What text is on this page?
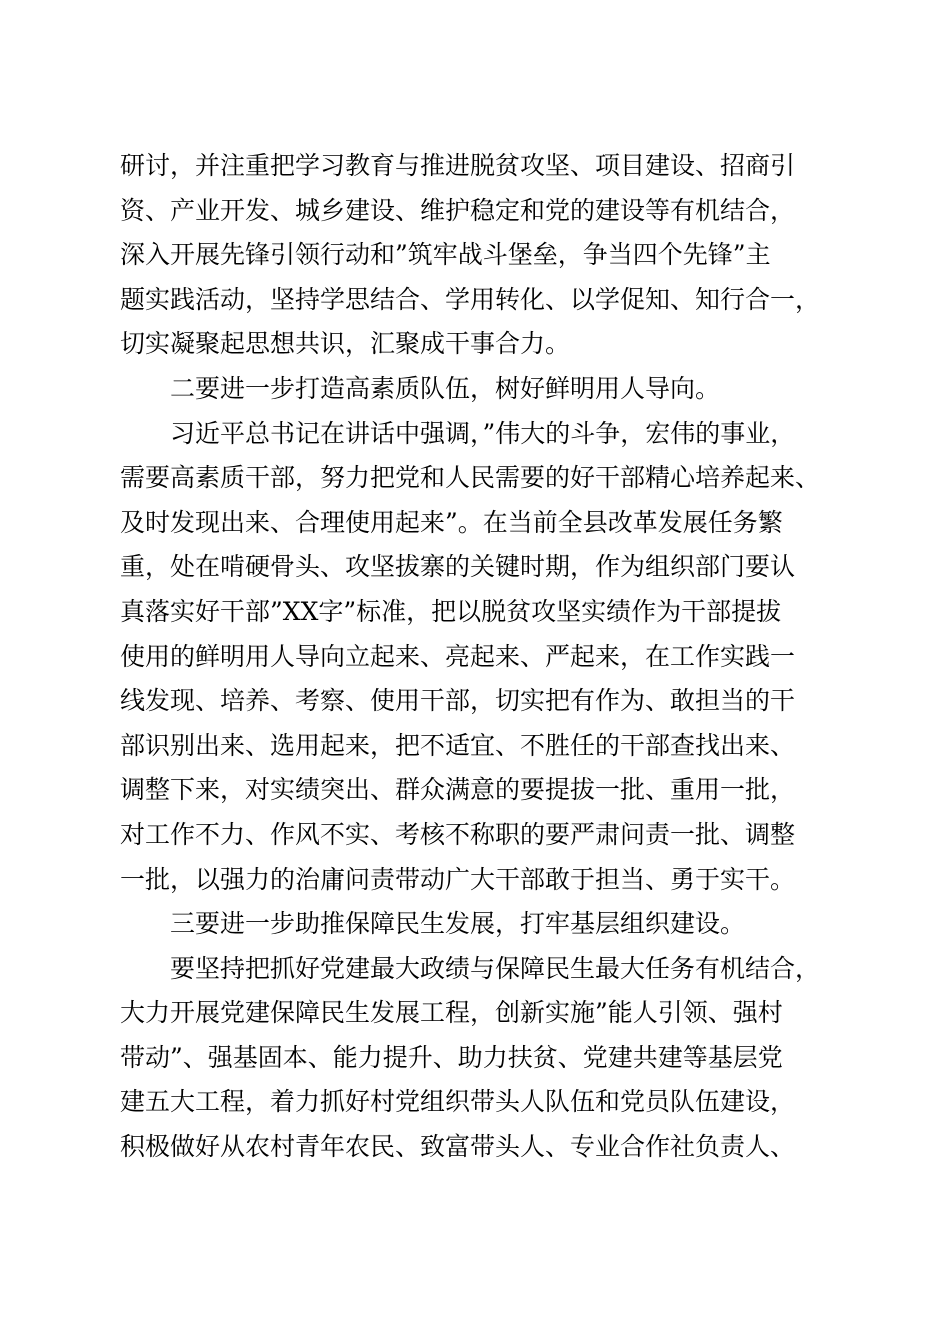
研讨，并注重把学习教育与推进脱贫攻坚、项目建设、招商引
资、产业开发、城乡建设、维护稳定和党的建设等有机结合，
深入开展先锋引领行动和”筑牢战斗堡垒，争当四个先锋”主
题实践活动，坚持学思结合、学用转化、以学促知、知行合一，
切实凝聚起思想共识，汇聚成干事合力。
　　二要进一步打造高素质队伍，树好鲜明用人导向。
　　习近平总书记在讲话中强调，”伟大的斗争，宏伟的事业，
需要高素质干部，努力把党和人民需要的好干部精心培养起来、
及时发现出来、合理使用起来”。在当前全县改革发展任务繁
重，处在啃硬骨头、攻坚拔寨的关键时期，作为组织部门要认
真落实好干部”XX字”标准，把以脱贫攻坚实绩作为干部提拔
使用的鲜明用人导向立起来、亮起来、严起来，在工作实践一
线发现、培养、考察、使用干部，切实把有作为、敢担当的干
部识别出来、选用起来，把不适宜、不胜任的干部查找出来、
调整下来，对实绩突出、群众满意的要提拔一批、重用一批，
对工作不力、作风不实、考核不称职的要严肃问责一批、调整
一批，以强力的治庸问责带动广大干部敢于担当、勇于实干。
　　三要进一步助推保障民生发展，打牢基层组织建设。
　　要坚持把抓好党建最大政绩与保障民生最大任务有机结合，
大力开展党建保障民生发展工程，创新实施”能人引领、强村
带动”、强基固本、能力提升、助力扶贫、党建共建等基层党
建五大工程，着力抓好村党组织带头人队伍和党员队伍建设，
积极做好从农村青年农民、致富带头人、专业合作社负责人、
